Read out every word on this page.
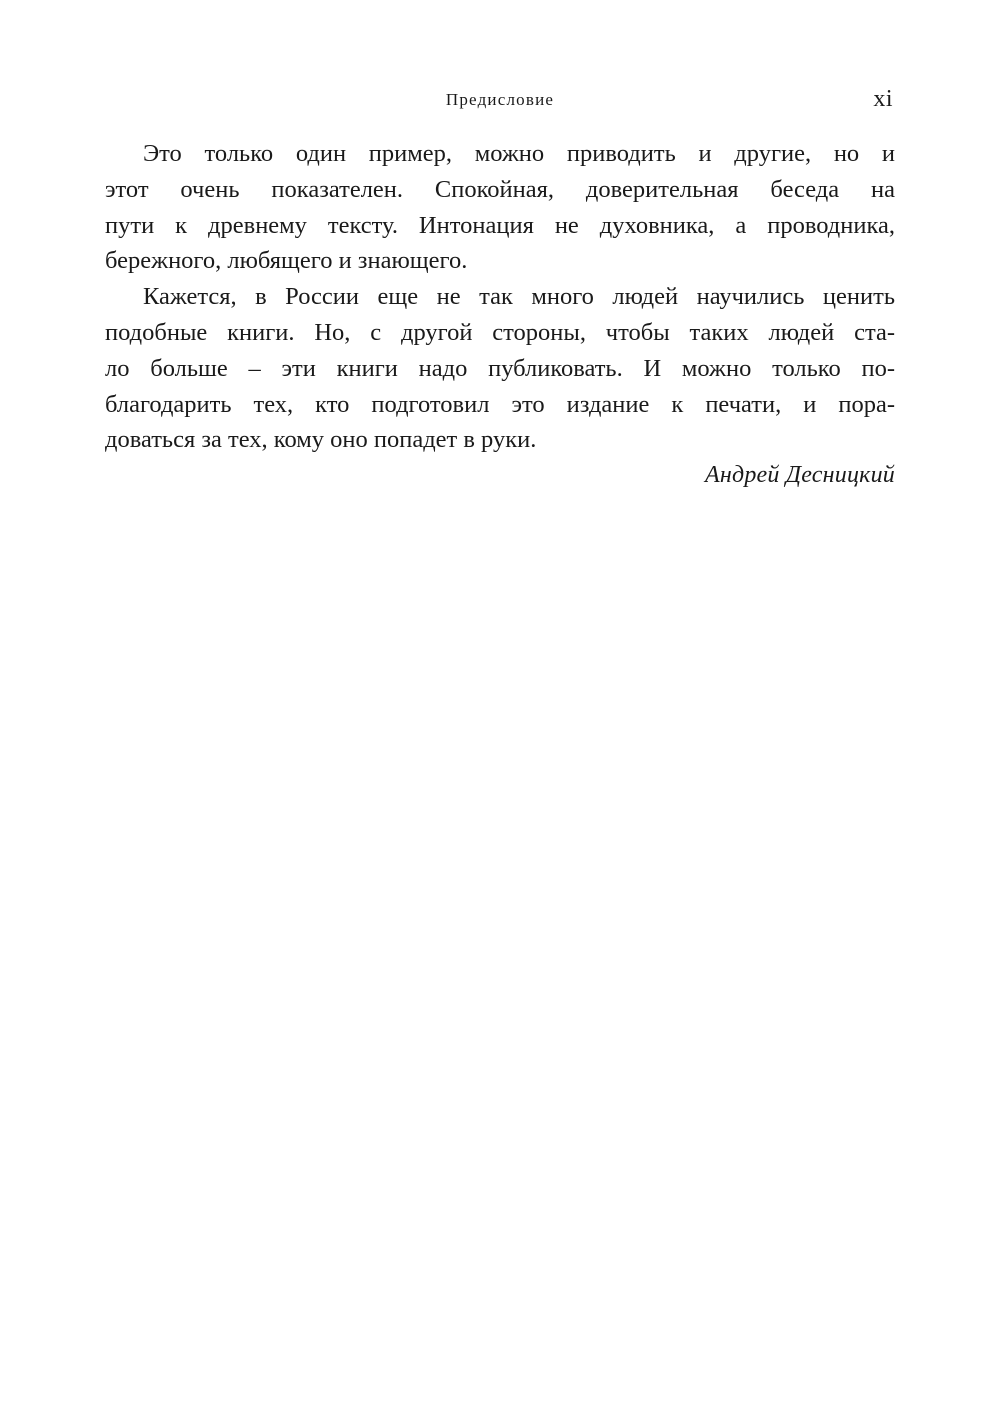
Предисловие	xi

Это только один пример, можно приводить и другие, но и
этот очень показателен. Спокойная, доверительная беседа на
пути к древнему тексту. Интонация не духовника, а проводника,
бережного, любящего и знающего.

Кажется, в России еще не так много людей научились ценить
подобные книги. Но, с другой стороны, чтобы таких людей ста-
ло больше – эти книги надо публиковать. И можно только по-
благодарить тех, кто подготовил это издание к печати, и пора-
доваться за тех, кому оно попадет в руки.

Андрей Десницкий
